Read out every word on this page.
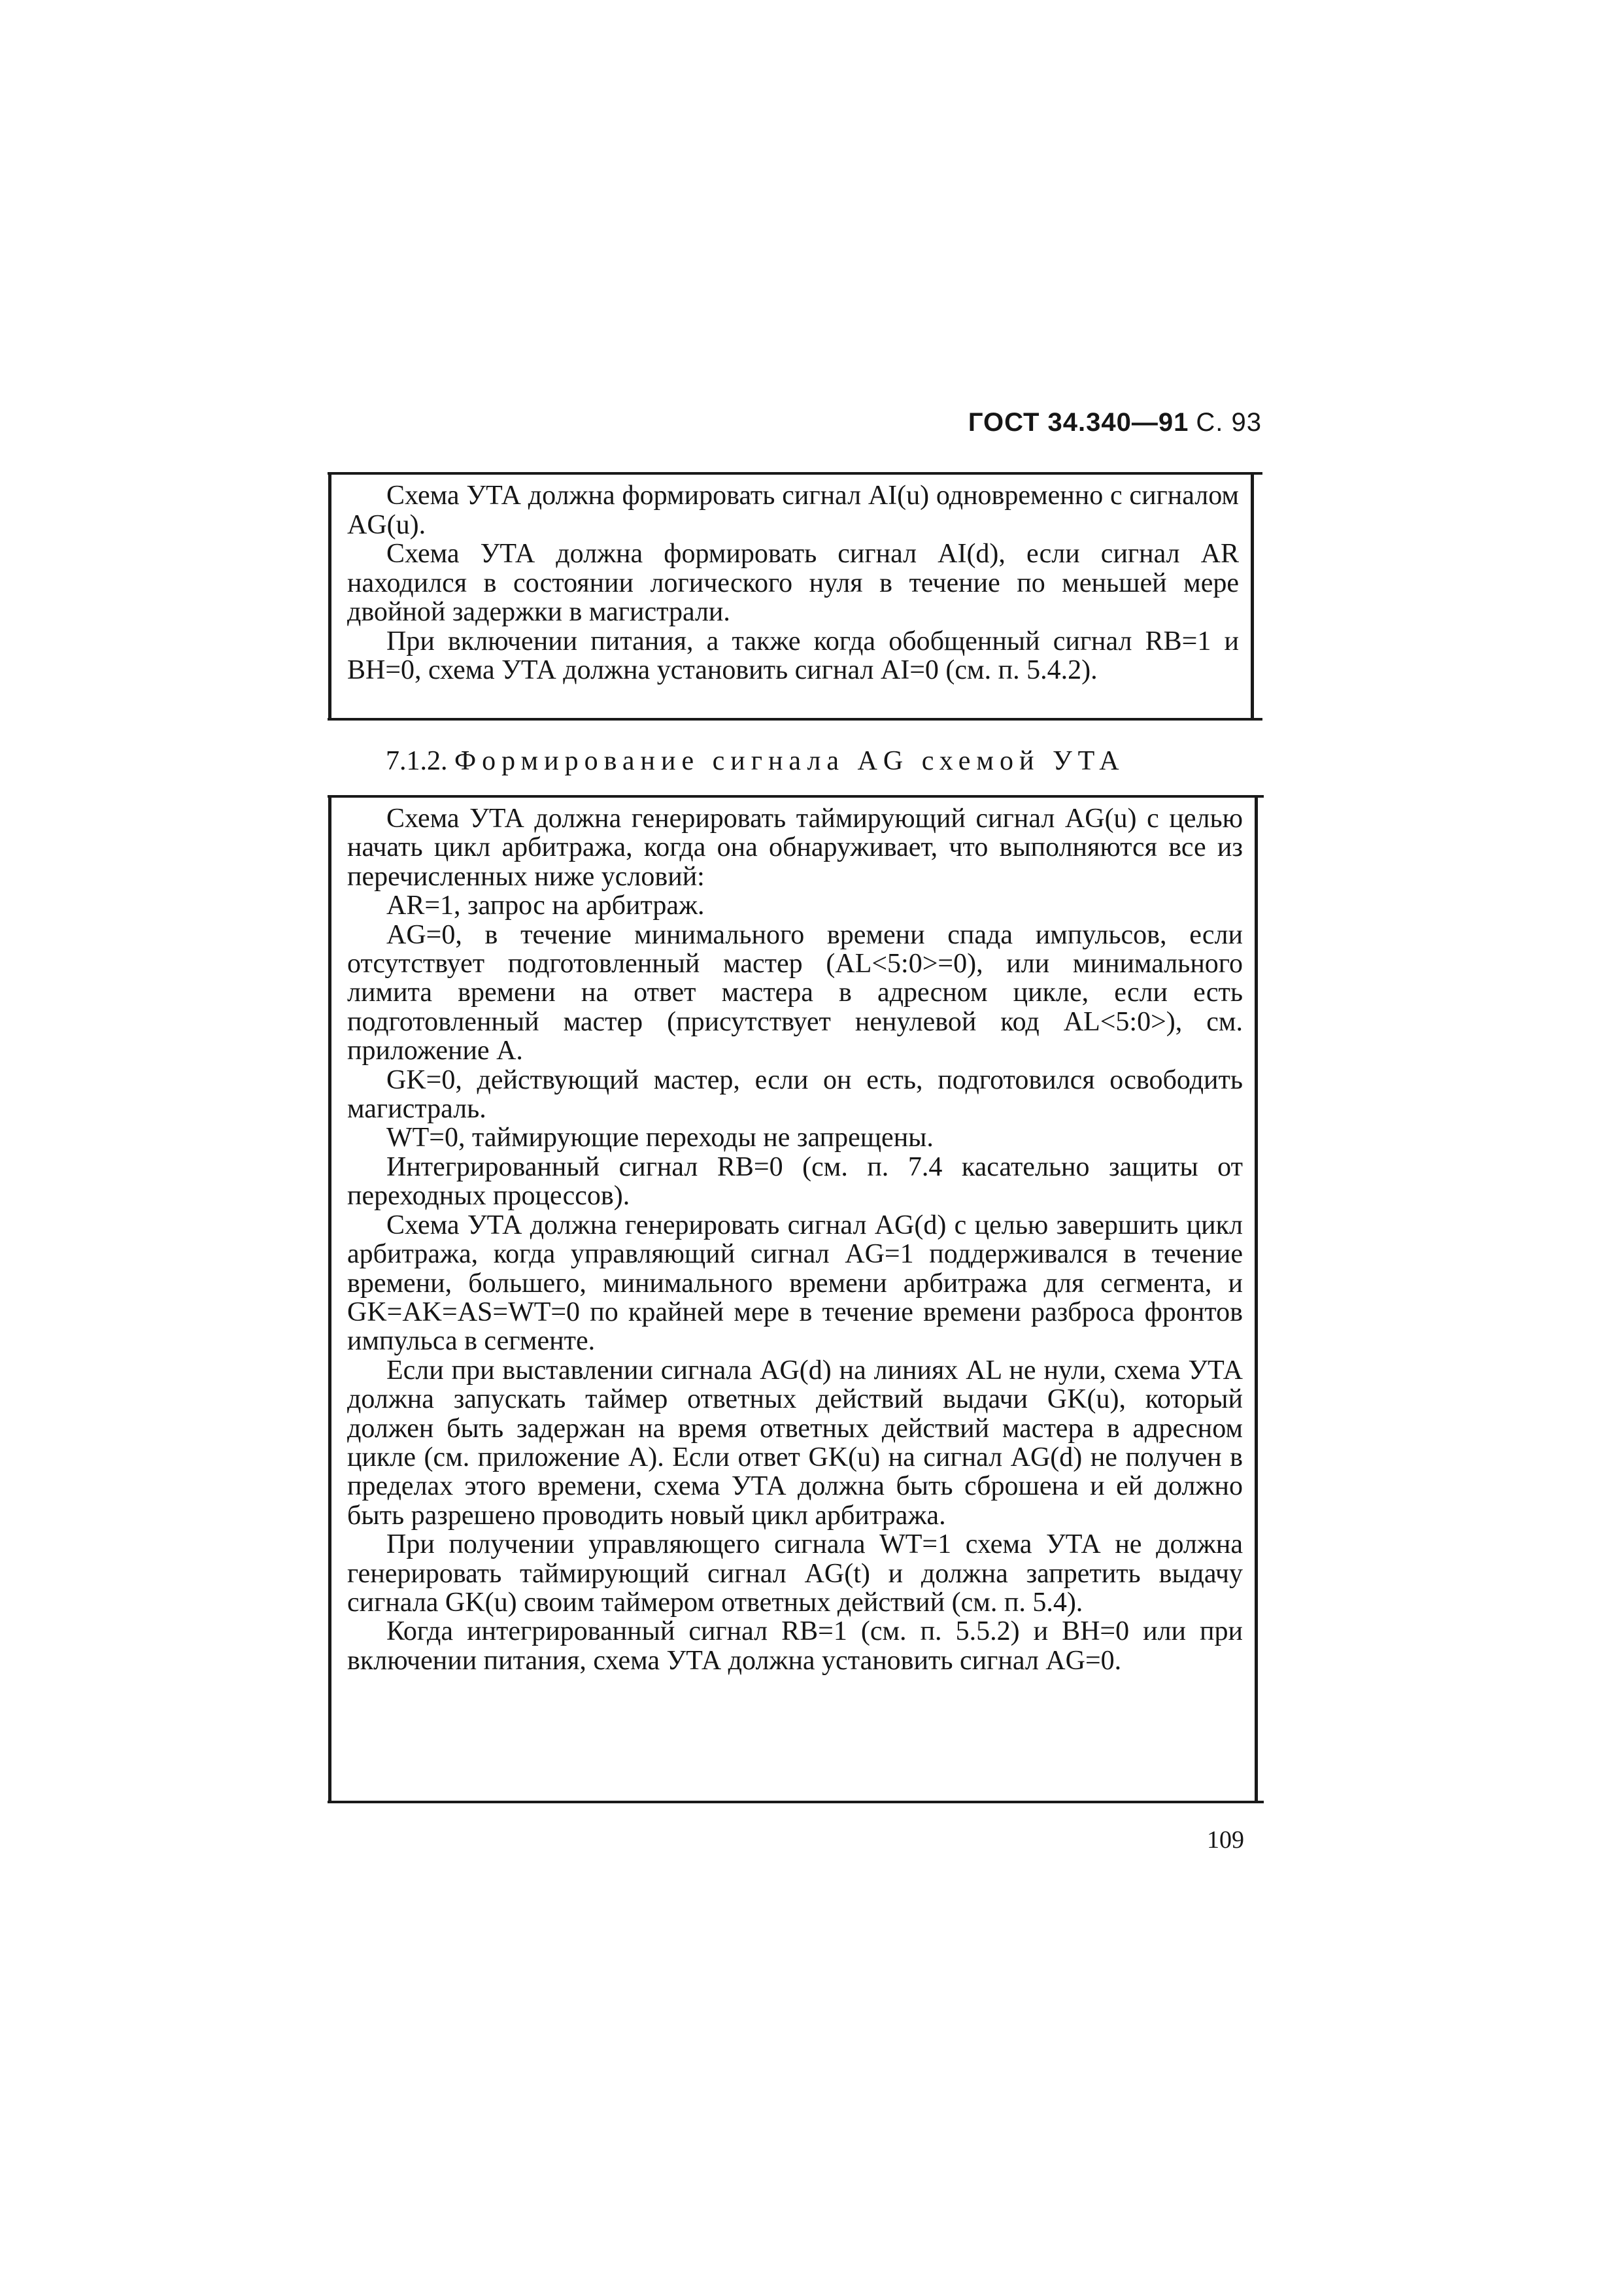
ГОСТ 34.340—91 С. 93

Схема УТА должна формировать сигнал AI(u) одновременно с сигналом AG(u).

Схема УТА должна формировать сигнал AI(d), если сигнал AR находился в состоянии логического нуля в течение по меньшей мере двойной задержки в магистрали.

При включении питания, а также когда обобщенный сигнал RB=1 и BH=0, схема УТА должна установить сигнал AI=0 (см. п. 5.4.2).

7.1.2. Формирование сигнала AG схемой УТА

Схема УТА должна генерировать таймирующий сигнал AG(u) с целью начать цикл арбитража, когда она обнаруживает, что выполняются все из перечисленных ниже условий:

AR=1, запрос на арбитраж.

AG=0, в течение минимального времени спада импульсов, если отсутствует подготовленный мастер (AL<5:0>=0), или минимального лимита времени на ответ мастера в адресном цикле, если есть подготовленный мастер (присутствует ненулевой код AL<5:0>), см. приложение А.

GK=0, действующий мастер, если он есть, подготовился освободить магистраль.

WT=0, таймирующие переходы не запрещены.

Интегрированный сигнал RB=0 (см. п. 7.4 касательно защиты от переходных процессов).

Схема УТА должна генерировать сигнал AG(d) с целью завершить цикл арбитража, когда управляющий сигнал AG=1 поддерживался в течение времени, большего, минимального времени арбитража для сегмента, и GK=AK=AS=WT=0 по крайней мере в течение времени разброса фронтов импульса в сегменте.

Если при выставлении сигнала AG(d) на линиях AL не нули, схема УТА должна запускать таймер ответных действий выдачи GK(u), который должен быть задержан на время ответных действий мастера в адресном цикле (см. приложение А). Если ответ GK(u) на сигнал AG(d) не получен в пределах этого времени, схема УТА должна быть сброшена и ей должно быть разрешено проводить новый цикл арбитража.

При получении управляющего сигнала WT=1 схема УТА не должна генерировать таймирующий сигнал AG(t) и должна запретить выдачу сигнала GK(u) своим таймером ответных действий (см. п. 5.4).

Когда интегрированный сигнал RB=1 (см. п. 5.5.2) и BH=0 или при включении питания, схема УТА должна установить сигнал AG=0.

109
